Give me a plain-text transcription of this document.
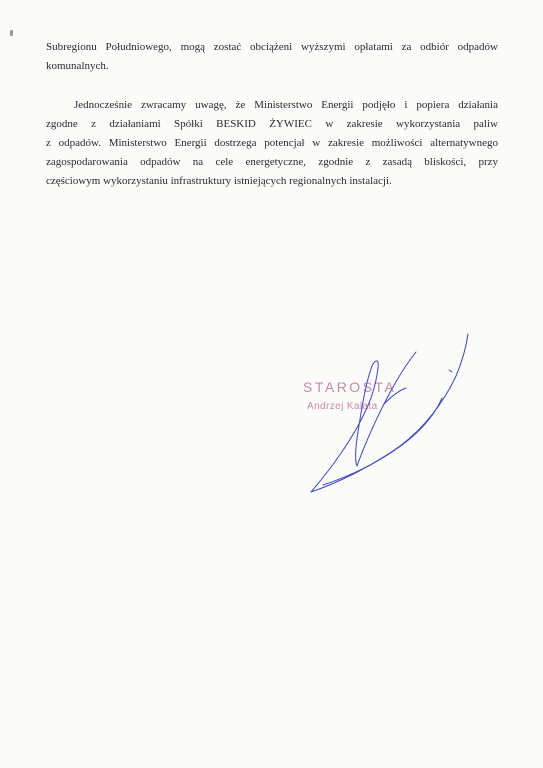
Subregionu Południowego, mogą zostać obciążeni wyższymi opłatami za odbiór odpadów
komunalnych.
Jednocześnie zwracamy uwagę, że Ministerstwo Energii podjęło i popiera działania
zgodne z działaniami Spółki BESKID ŻYWIEC w zakresie wykorzystania paliw
z odpadów. Ministerstwo Energii dostrzega potencjał w zakresie możliwości alternatywnego
zagospodarowania odpadów na cele energetyczne, zgodnie z zasadą bliskości, przy
częściowym wykorzystaniu infrastruktury istniejących regionalnych instalacji.
STAROSTA
Andrzej Kalata
